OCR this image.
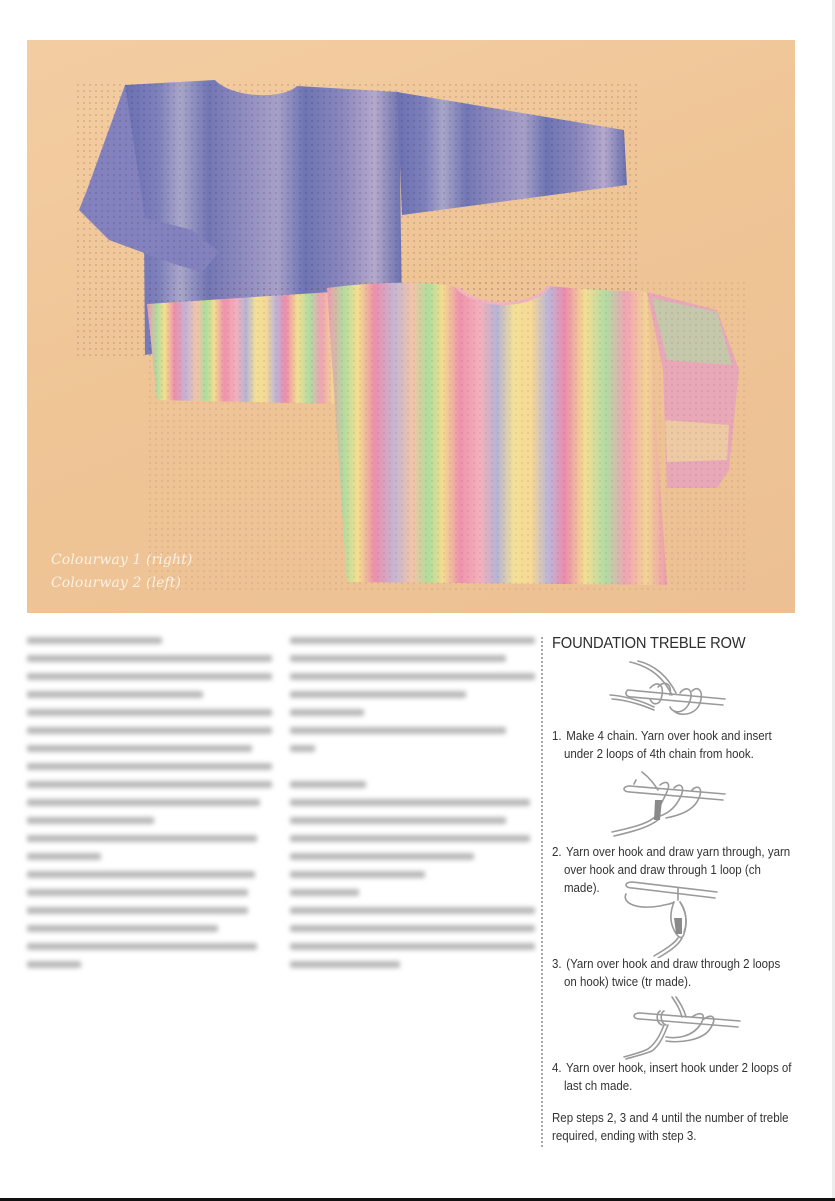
Colourway 1 (right)
Colourway 2 (left)
FOUNDATION TREBLE ROW
1. Make 4 chain. Yarn over hook and insert
under 2 loops of 4th chain from hook.
2. Yarn over hook and draw yarn through, yarn
over hook and draw through 1 loop (ch made).
3. (Yarn over hook and draw through 2 loops
on hook) twice (tr made).
4. Yarn over hook, insert hook under 2 loops of
last ch made.
Rep steps 2, 3 and 4 until the number of treble
required, ending with step 3.
